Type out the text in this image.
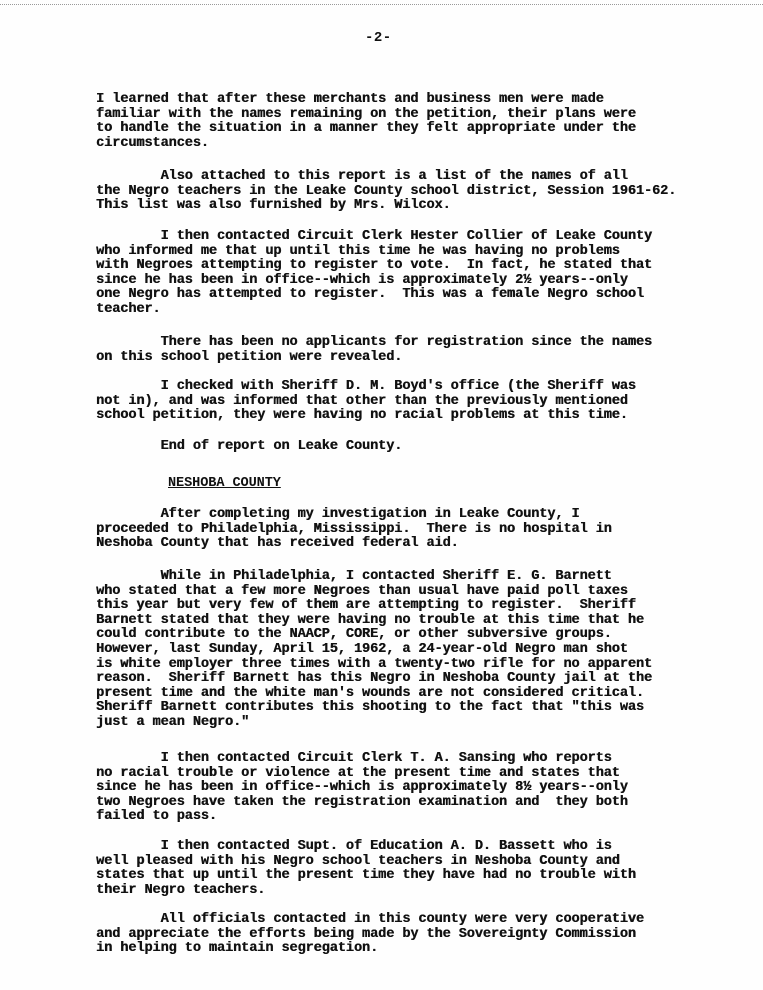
-2-
I learned that after these merchants and business men were made
familiar with the names remaining on the petition, their plans were
to handle the situation in a manner they felt appropriate under the
circumstances.
Also attached to this report is a list of the names of all
the Negro teachers in the Leake County school district, Session 1961-62.
This list was also furnished by Mrs. Wilcox.
I then contacted Circuit Clerk Hester Collier of Leake County
who informed me that up until this time he was having no problems
with Negroes attempting to register to vote.  In fact, he stated that
since he has been in office--which is approximately 2½ years--only
one Negro has attempted to register.  This was a female Negro school
teacher.
There has been no applicants for registration since the names
on this school petition were revealed.
I checked with Sheriff D. M. Boyd's office (the Sheriff was
not in), and was informed that other than the previously mentioned
school petition, they were having no racial problems at this time.
End of report on Leake County.
NESHOBA COUNTY
After completing my investigation in Leake County, I
proceeded to Philadelphia, Mississippi.  There is no hospital in
Neshoba County that has received federal aid.
While in Philadelphia, I contacted Sheriff E. G. Barnett
who stated that a few more Negroes than usual have paid poll taxes
this year but very few of them are attempting to register.  Sheriff
Barnett stated that they were having no trouble at this time that he
could contribute to the NAACP, CORE, or other subversive groups.
However, last Sunday, April 15, 1962, a 24-year-old Negro man shot
is white employer three times with a twenty-two rifle for no apparent
reason.  Sheriff Barnett has this Negro in Neshoba County jail at the
present time and the white man's wounds are not considered critical.
Sheriff Barnett contributes this shooting to the fact that "this was
just a mean Negro."
I then contacted Circuit Clerk T. A. Sansing who reports
no racial trouble or violence at the present time and states that
since he has been in office--which is approximately 8½ years--only
two Negroes have taken the registration examination and  they both
failed to pass.
I then contacted Supt. of Education A. D. Bassett who is
well pleased with his Negro school teachers in Neshoba County and
states that up until the present time they have had no trouble with
their Negro teachers.
All officials contacted in this county were very cooperative
and appreciate the efforts being made by the Sovereignty Commission
in helping to maintain segregation.
